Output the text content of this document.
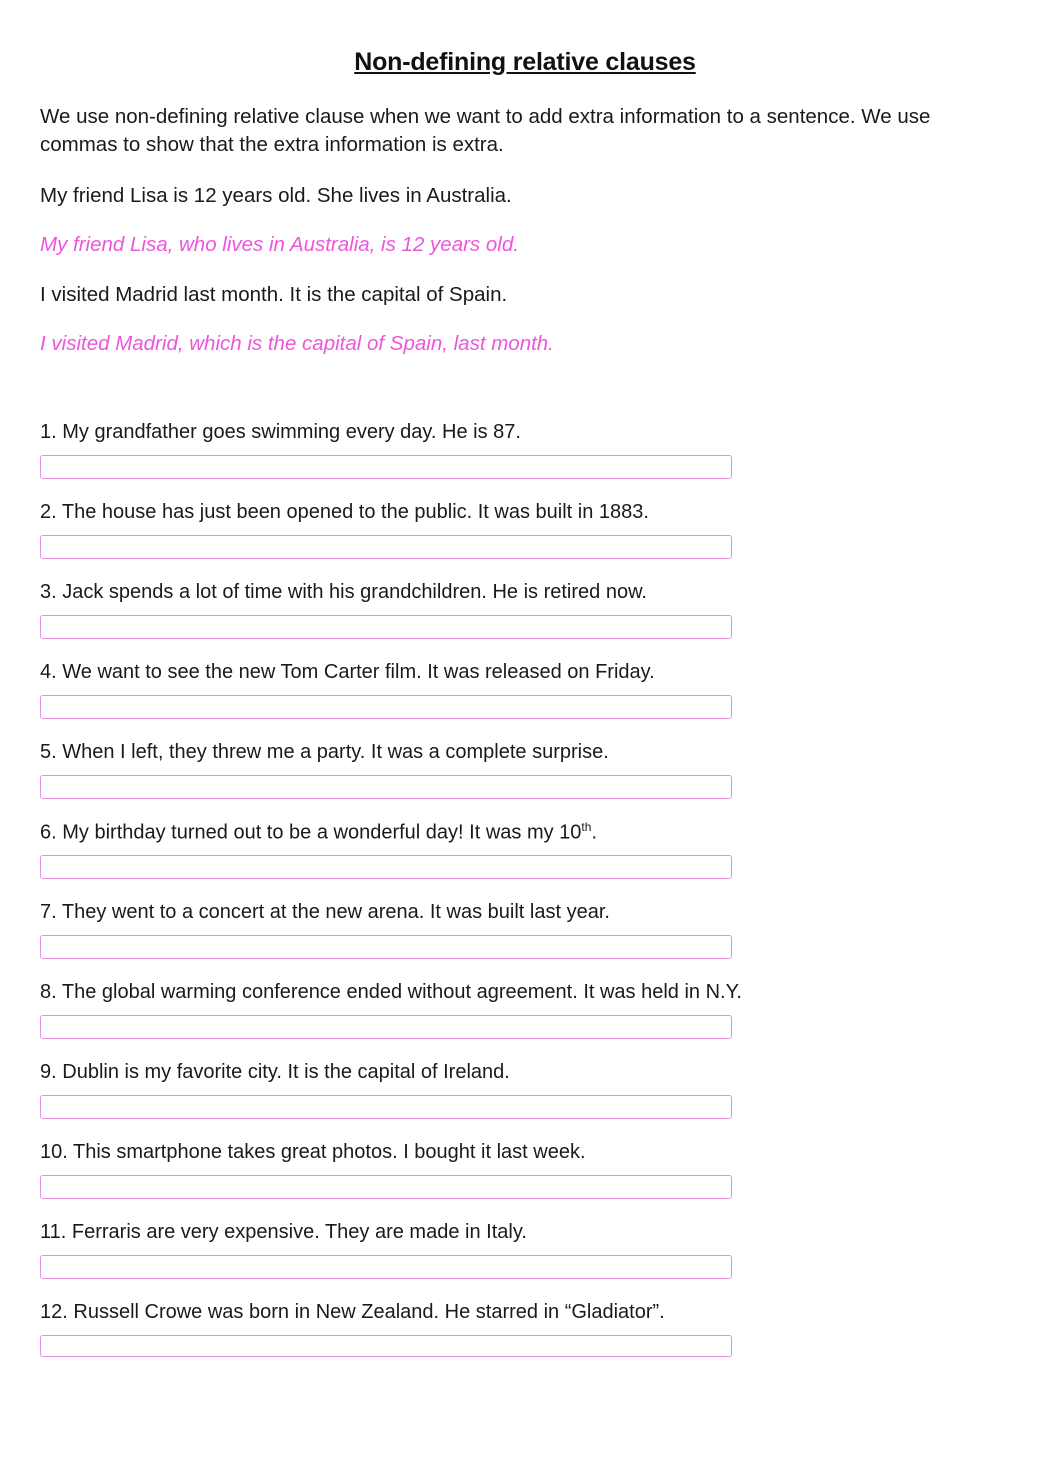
Non-defining relative clauses

We use non-defining relative clause when we want to add extra information to a sentence. We use commas to show that the extra information is extra.

My friend Lisa is 12 years old. She lives in Australia.

My friend Lisa, who lives in Australia, is 12 years old.

I visited Madrid last month. It is the capital of Spain.

I visited Madrid, which is the capital of Spain, last month.

1. My grandfather goes swimming every day. He is 87.
2. The house has just been opened to the public. It was built in 1883.
3. Jack spends a lot of time with his grandchildren. He is retired now.
4. We want to see the new Tom Carter film. It was released on Friday.
5. When I left, they threw me a party. It was a complete surprise.
6. My birthday turned out to be a wonderful day! It was my 10th.
7. They went to a concert at the new arena. It was built last year.
8. The global warming conference ended without agreement. It was held in N.Y.
9. Dublin is my favorite city. It is the capital of Ireland.
10. This smartphone takes great photos. I bought it last week.
11. Ferraris are very expensive. They are made in Italy.
12. Russell Crowe was born in New Zealand. He starred in “Gladiator”.
